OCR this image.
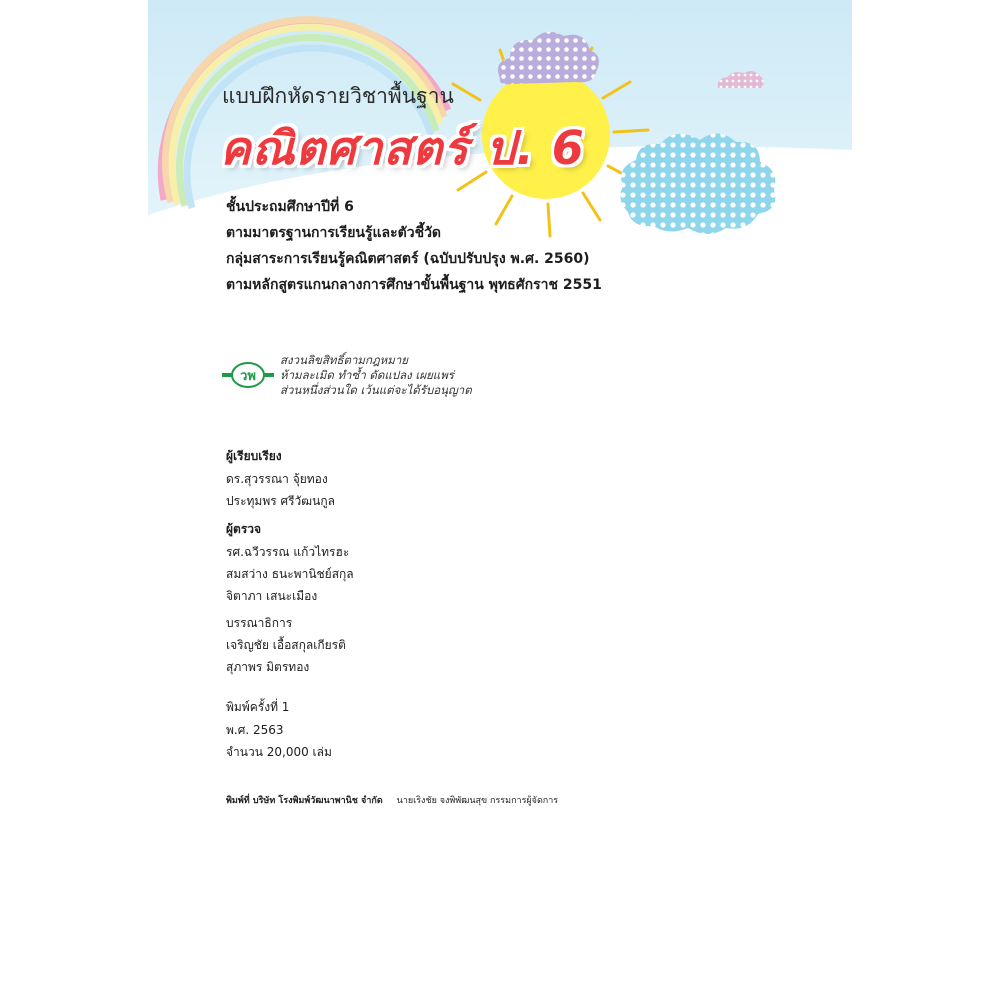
แบบฝึกหัดรายวิชาพื้นฐาน
คณิตศาสตร์ ป. 6
ชั้นประถมศึกษาปีที่ 6
ตามมาตรฐานการเรียนรู้และตัวชี้วัด
กลุ่มสาระการเรียนรู้คณิตศาสตร์ (ฉบับปรับปรุง พ.ศ. 2560)
ตามหลักสูตรแกนกลางการศึกษาขั้นพื้นฐาน พุทธศักราช 2551
วพ
สงวนลิขสิทธิ์ตามกฎหมาย
ห้ามละเมิด ทำซ้ำ ดัดแปลง เผยแพร่
ส่วนหนึ่งส่วนใด เว้นแต่จะได้รับอนุญาต
ผู้เรียบเรียง
ดร.สุวรรณา จุ้ยทอง
ประทุมพร ศรีวัฒนกูล
ผู้ตรวจ
รศ.ฉวีวรรณ แก้วไทรฮะ
สมสว่าง ธนะพานิชย์สกุล
จิตาภา เสนะเมือง
บรรณาธิการ
เจริญชัย เอื้อสกุลเกียรติ
สุภาพร มิตรทอง
พิมพ์ครั้งที่ 1
พ.ศ. 2563
จำนวน 20,000 เล่ม
พิมพ์ที่ บริษัท โรงพิมพ์วัฒนาพานิช จำกัด นายเริงชัย จงพิพัฒนสุข กรรมการผู้จัดการ
